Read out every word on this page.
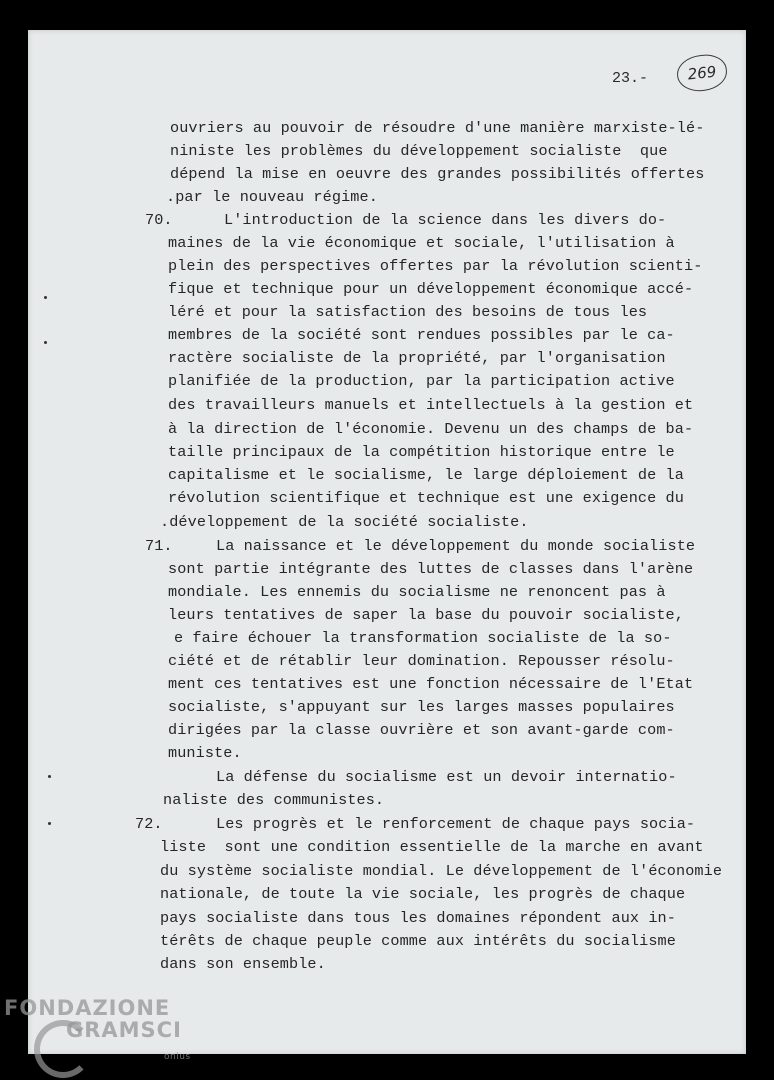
23.-	269
ouvriers au pouvoir de résoudre d'une manière marxiste-lé-
niniste les problèmes du développement socialiste  que
dépend la mise en oeuvre des grandes possibilités offertes
.par le nouveau régime.
70.	L'introduction de la science dans les divers do-
maines de la vie économique et sociale, l'utilisation à
plein des perspectives offertes par la révolution scienti-
fique et technique pour un développement économique accé-
léré et pour la satisfaction des besoins de tous les
membres de la société sont rendues possibles par le ca-
ractère socialiste de la propriété, par l'organisation
planifiée de la production, par la participation active
des travailleurs manuels et intellectuels à la gestion et
à la direction de l'économie. Devenu un des champs de ba-
taille principaux de la compétition historique entre le
capitalisme et le socialisme, le large déploiement de la
révolution scientifique et technique est une exigence du
.développement de la société socialiste.
71.	La naissance et le développement du monde socialiste
sont partie intégrante des luttes de classes dans l'arène
mondiale. Les ennemis du socialisme ne renoncent pas à
leurs tentatives de saper la base du pouvoir socialiste,
e faire échouer la transformation socialiste de la so-
ciété et de rétablir leur domination. Repousser résolu-
ment ces tentatives est une fonction nécessaire de l'Etat
socialiste, s'appuyant sur les larges masses populaires
dirigées par la classe ouvrière et son avant-garde com-
muniste.
La défense du socialisme est un devoir internatio-
naliste des communistes.
72.	Les progrès et le renforcement de chaque pays socia-
liste  sont une condition essentielle de la marche en avant
du système socialiste mondial. Le développement de l'économie
nationale, de toute la vie sociale, les progrès de chaque
pays socialiste dans tous les domaines répondent aux in-
térêts de chaque peuple comme aux intérêts du socialisme
dans son ensemble.
FONDAZIONE
GRAMSCI
onlus
